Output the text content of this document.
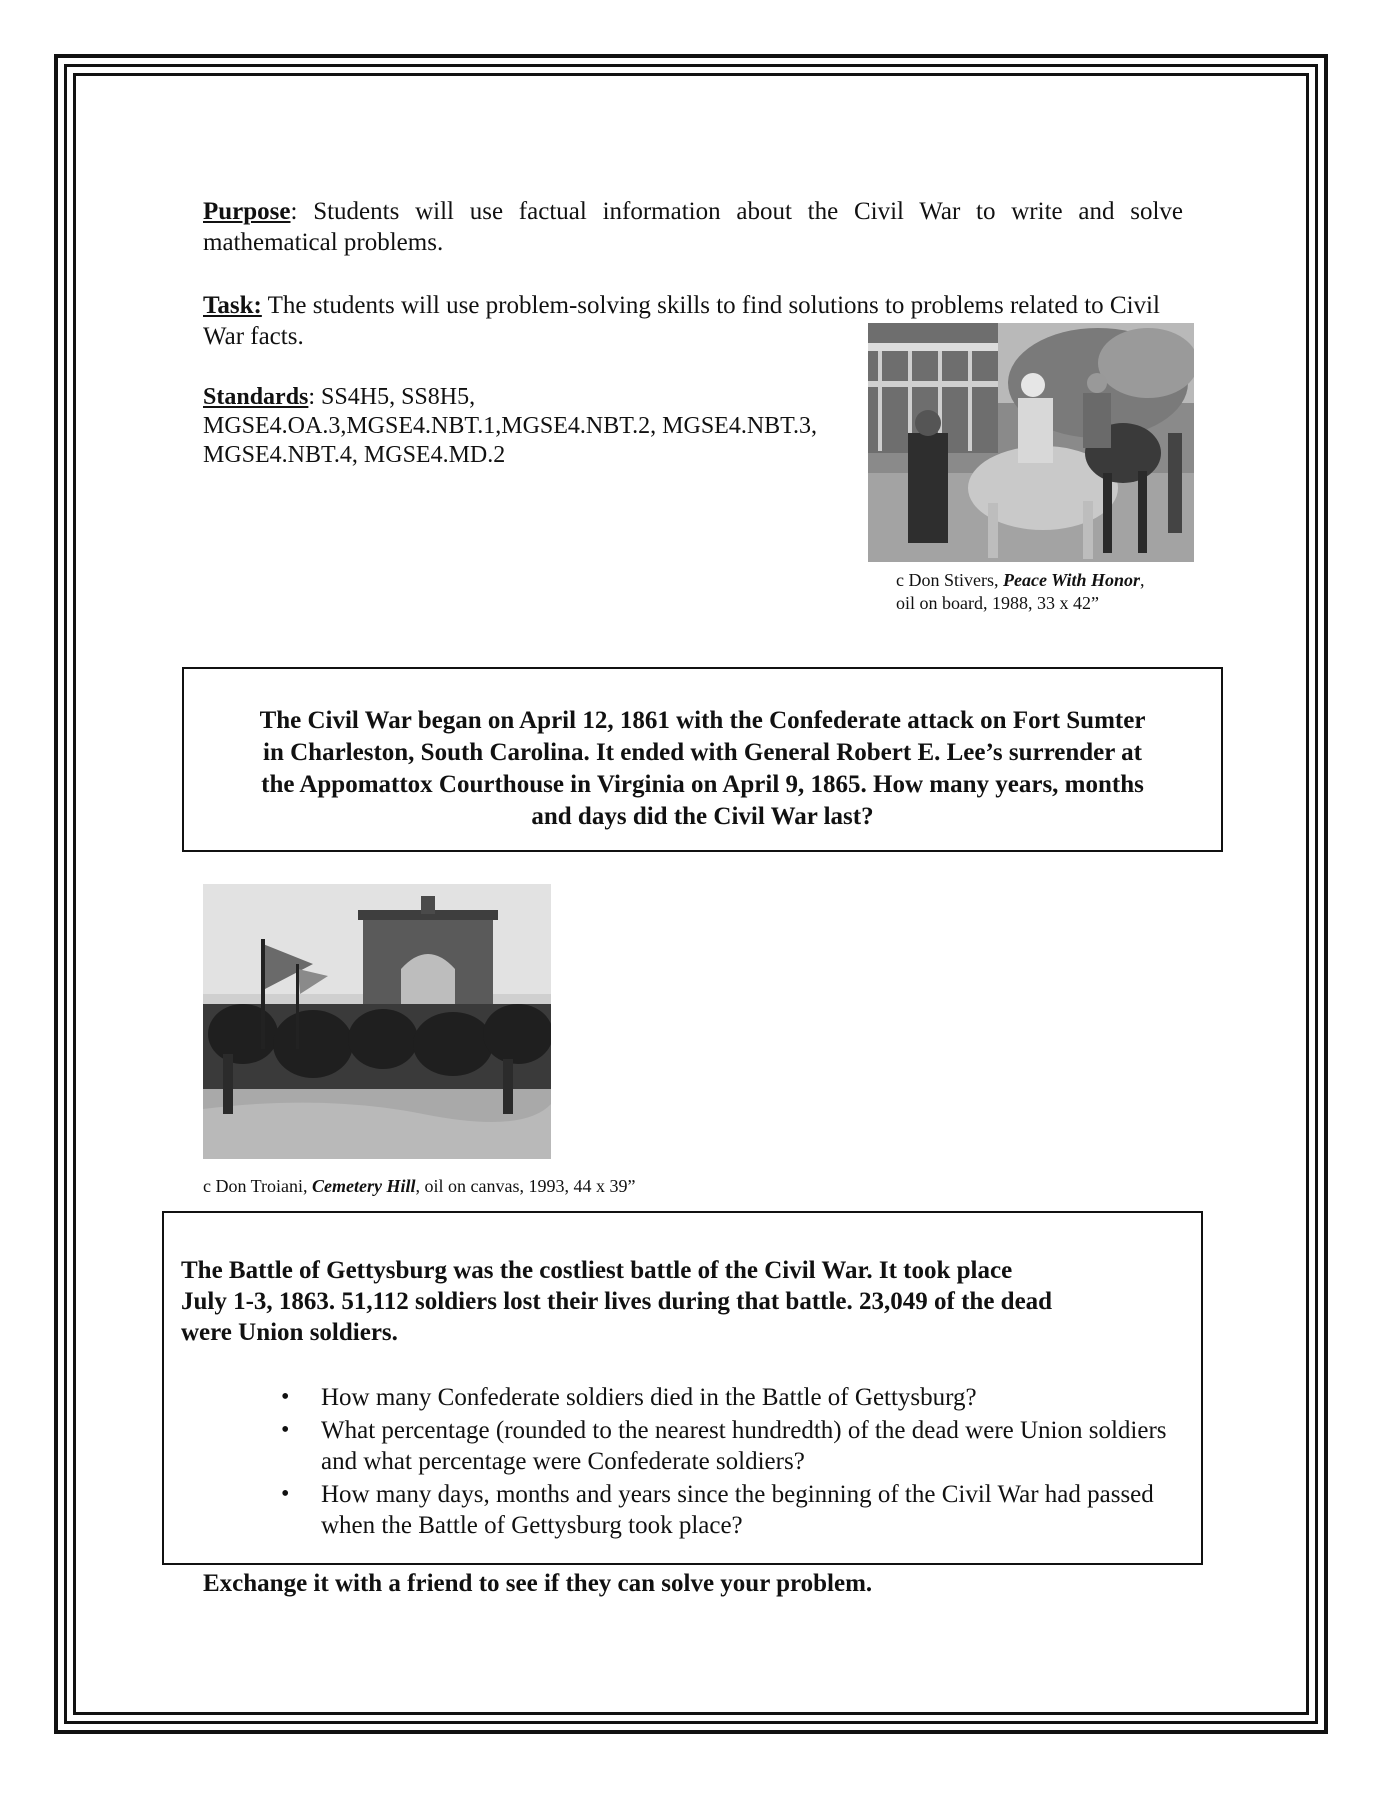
Purpose: Students will use factual information about the Civil War to write and solve mathematical problems.
Task: The students will use problem-solving skills to find solutions to problems related to Civil War facts.
Standards: SS4H5, SS8H5,
MGSE4.OA.3,MGSE4.NBT.1,MGSE4.NBT.2, MGSE4.NBT.3,
MGSE4.NBT.4, MGSE4.MD.2
c Don Stivers, Peace With Honor,
oil on board, 1988, 33 x 42”

The Civil War began on April 12, 1861 with the Confederate attack on Fort Sumter in Charleston, South Carolina. It ended with General Robert E. Lee’s surrender at the Appomattox Courthouse in Virginia on April 9, 1865. How many years, months and days did the Civil War last?

c Don Troiani, Cemetery Hill, oil on canvas, 1993, 44 x 39”
The Battle of Gettysburg was the costliest battle of the Civil War. It took place
July 1-3, 1863. 51,112 soldiers lost their lives during that battle. 23,049 of the dead
were Union soldiers.
• How many Confederate soldiers died in the Battle of Gettysburg?
• What percentage (rounded to the nearest hundredth) of the dead were Union soldiers and what percentage were Confederate soldiers?
• How many days, months and years since the beginning of the Civil War had passed when the Battle of Gettysburg took place?
Exchange it with a friend to see if they can solve your problem.
